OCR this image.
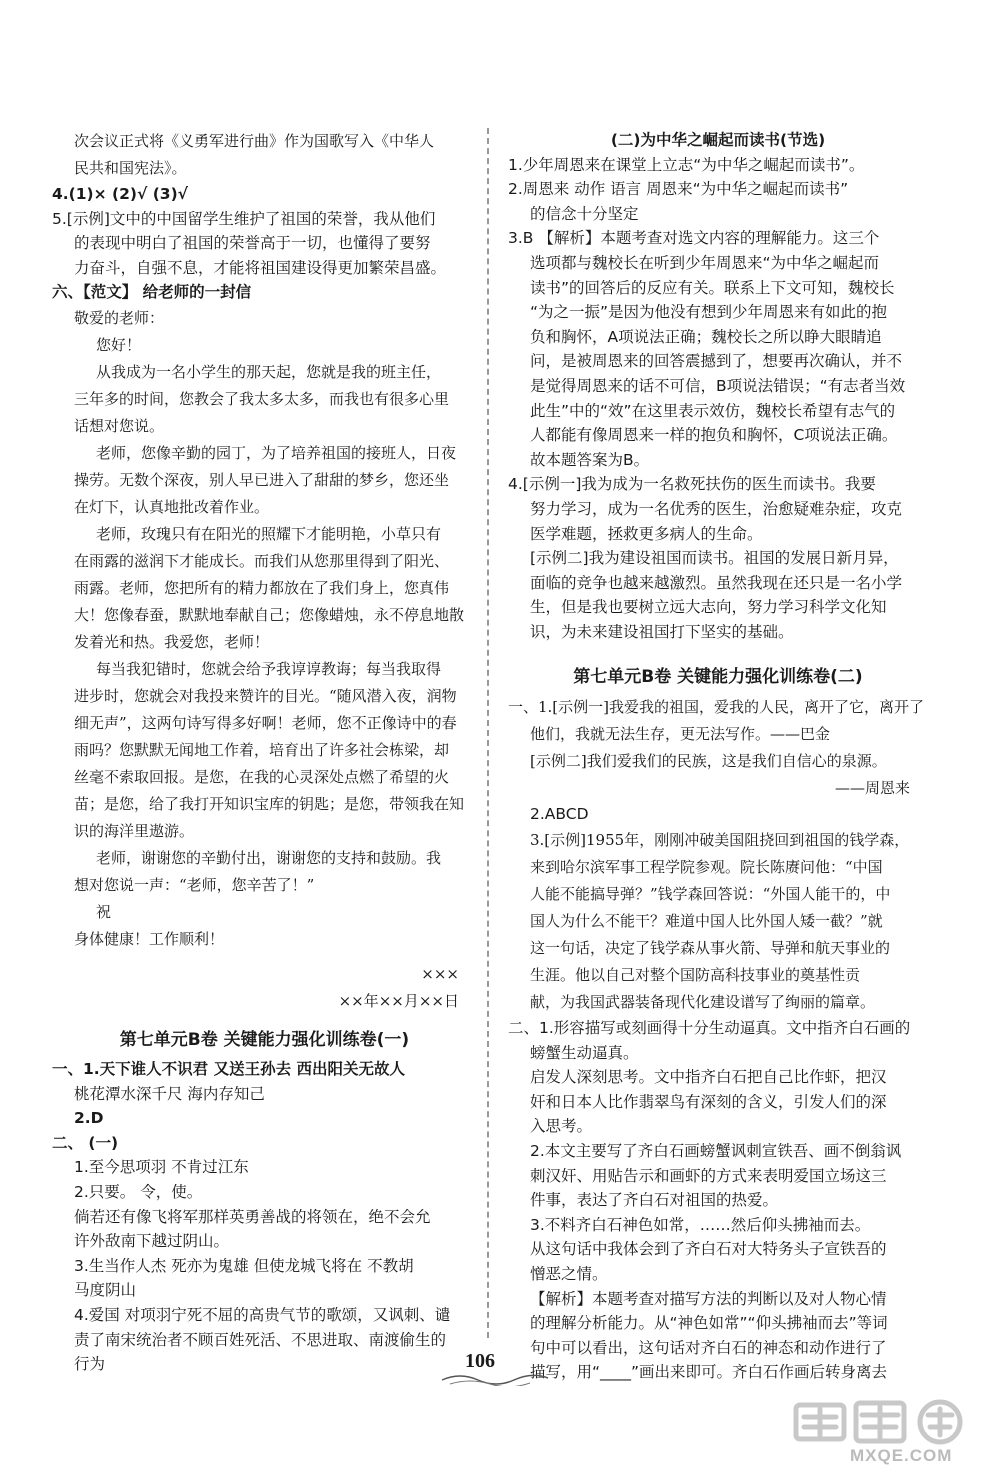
次会议正式将《义勇军进行曲》作为国歌写入《中华人
民共和国宪法》。
4.(1)× (2)√ (3)√
5.[示例]文中的中国留学生维护了祖国的荣誉，我从他们
的表现中明白了祖国的荣誉高于一切，也懂得了要努
力奋斗，自强不息，才能将祖国建设得更加繁荣昌盛。
六、【范文】 给老师的一封信
敬爱的老师：
您好！
从我成为一名小学生的那天起，您就是我的班主任，
三年多的时间，您教会了我太多太多，而我也有很多心里
话想对您说。
老师，您像辛勤的园丁，为了培养祖国的接班人，日夜
操劳。无数个深夜，别人早已进入了甜甜的梦乡，您还坐
在灯下，认真地批改着作业。
老师，玫瑰只有在阳光的照耀下才能明艳，小草只有
在雨露的滋润下才能成长。而我们从您那里得到了阳光、
雨露。老师，您把所有的精力都放在了我们身上，您真伟
大！您像春蚕，默默地奉献自己；您像蜡烛，永不停息地散
发着光和热。我爱您，老师！
每当我犯错时，您就会给予我谆谆教诲；每当我取得
进步时，您就会对我投来赞许的目光。“随风潜入夜，润物
细无声”，这两句诗写得多好啊！老师，您不正像诗中的春
雨吗？您默默无闻地工作着，培育出了许多社会栋梁，却
丝毫不索取回报。是您，在我的心灵深处点燃了希望的火
苗；是您，给了我打开知识宝库的钥匙；是您，带领我在知
识的海洋里遨游。
老师，谢谢您的辛勤付出，谢谢您的支持和鼓励。我
想对您说一声：“老师，您辛苦了！”
祝
身体健康！工作顺利！
×××
××年××月××日
第七单元B卷 关键能力强化训练卷(一)
一、1.天下谁人不识君 又送王孙去 西出阳关无故人
桃花潭水深千尺 海内存知己
2.D
二、 (一)
1.至今思项羽 不肯过江东
2.只要。 令，使。
倘若还有像飞将军那样英勇善战的将领在，绝不会允
许外敌南下越过阴山。
3.生当作人杰 死亦为鬼雄 但使龙城飞将在 不教胡
马度阴山
4.爱国 对项羽宁死不屈的高贵气节的歌颂，又讽刺、谴
责了南宋统治者不顾百姓死活、不思进取、南渡偷生的
行为
(二)为中华之崛起而读书(节选)
1.少年周恩来在课堂上立志“为中华之崛起而读书”。
2.周恩来 动作 语言 周恩来“为中华之崛起而读书”
的信念十分坚定
3.B 【解析】本题考查对选文内容的理解能力。这三个
选项都与魏校长在听到少年周恩来“为中华之崛起而
读书”的回答后的反应有关。联系上下文可知，魏校长
“为之一振”是因为他没有想到少年周恩来有如此的抱
负和胸怀，A项说法正确；魏校长之所以睁大眼睛追
问，是被周恩来的回答震撼到了，想要再次确认，并不
是觉得周恩来的话不可信，B项说法错误；“有志者当效
此生”中的“效”在这里表示效仿，魏校长希望有志气的
人都能有像周恩来一样的抱负和胸怀，C项说法正确。
故本题答案为B。
4.[示例一]我为成为一名救死扶伤的医生而读书。我要
努力学习，成为一名优秀的医生，治愈疑难杂症，攻克
医学难题，拯救更多病人的生命。
[示例二]我为建设祖国而读书。祖国的发展日新月异，
面临的竞争也越来越激烈。虽然我现在还只是一名小学
生，但是我也要树立远大志向，努力学习科学文化知
识，为未来建设祖国打下坚实的基础。
第七单元B卷 关键能力强化训练卷(二)
一、1.[示例一]我爱我的祖国，爱我的人民，离开了它，离开了
他们，我就无法生存，更无法写作。——巴金
[示例二]我们爱我们的民族，这是我们自信心的泉源。
——周恩来
2.ABCD
3.[示例]1955年，刚刚冲破美国阻挠回到祖国的钱学森，
来到哈尔滨军事工程学院参观。院长陈赓问他：“中国
人能不能搞导弹？”钱学森回答说：“外国人能干的，中
国人为什么不能干？难道中国人比外国人矮一截？”就
这一句话，决定了钱学森从事火箭、导弹和航天事业的
生涯。他以自己对整个国防高科技事业的奠基性贡
献，为我国武器装备现代化建设谱写了绚丽的篇章。
二、1.形容描写或刻画得十分生动逼真。文中指齐白石画的
螃蟹生动逼真。
启发人深刻思考。文中指齐白石把自己比作虾，把汉
奸和日本人比作翡翠鸟有深刻的含义，引发人们的深
入思考。
2.本文主要写了齐白石画螃蟹讽刺宣铁吾、画不倒翁讽
刺汉奸、用贴告示和画虾的方式来表明爱国立场这三
件事，表达了齐白石对祖国的热爱。
3.不料齐白石神色如常，……然后仰头拂袖而去。
从这句话中我体会到了齐白石对大特务头子宣铁吾的
憎恶之情。
【解析】本题考查对描写方法的判断以及对人物心情
的理解分析能力。从“神色如常”“仰头拂袖而去”等词
句中可以看出，这句话对齐白石的神态和动作进行了
描写，用“____”画出来即可。齐白石作画后转身离去
106
MXQE.COM
